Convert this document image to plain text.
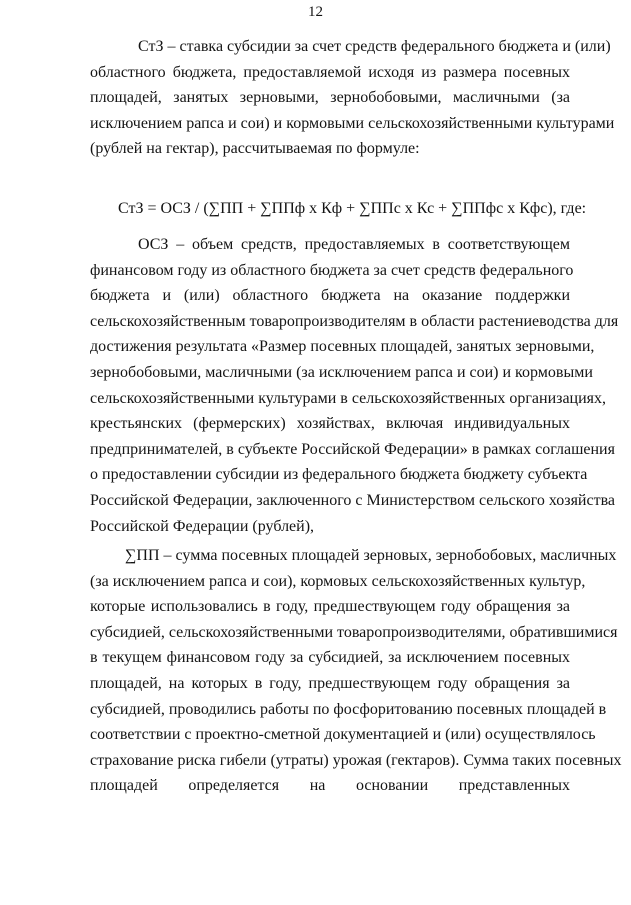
12
СтЗ – ставка субсидии за счет средств федерального бюджета и (или)
областного бюджета, предоставляемой исходя из размера посевных
площадей, занятых зерновыми, зернобобовыми, масличными (за
исключением рапса и сои) и кормовыми сельскохозяйственными культурами
(рублей на гектар), рассчитываемая по формуле:
СтЗ = ОСЗ / (∑ПП + ∑ППф x Кф + ∑ППс x Кс + ∑ППфс x Кфс), где:
ОСЗ – объем средств, предоставляемых в соответствующем
финансовом году из областного бюджета за счет средств федерального
бюджета и (или) областного бюджета на оказание поддержки
сельскохозяйственным товаропроизводителям в области растениеводства для
достижения результата «Размер посевных площадей, занятых зерновыми,
зернобобовыми, масличными (за исключением рапса и сои) и кормовыми
сельскохозяйственными культурами в сельскохозяйственных организациях,
крестьянских (фермерских) хозяйствах, включая индивидуальных
предпринимателей, в субъекте Российской Федерации» в рамках соглашения
о предоставлении субсидии из федерального бюджета бюджету субъекта
Российской Федерации, заключенного с Министерством сельского хозяйства
Российской Федерации (рублей),
∑ПП – сумма посевных площадей зерновых, зернобобовых, масличных
(за исключением рапса и сои), кормовых сельскохозяйственных культур,
которые использовались в году, предшествующем году обращения за
субсидией, сельскохозяйственными товаропроизводителями, обратившимися
в текущем финансовом году за субсидией, за исключением посевных
площадей, на которых в году, предшествующем году обращения за
субсидией, проводились работы по фосфоритованию посевных площадей в
соответствии с проектно-сметной документацией и (или) осуществлялось
страхование риска гибели (утраты) урожая (гектаров). Сумма таких посевных
площадей определяется на основании представленных
